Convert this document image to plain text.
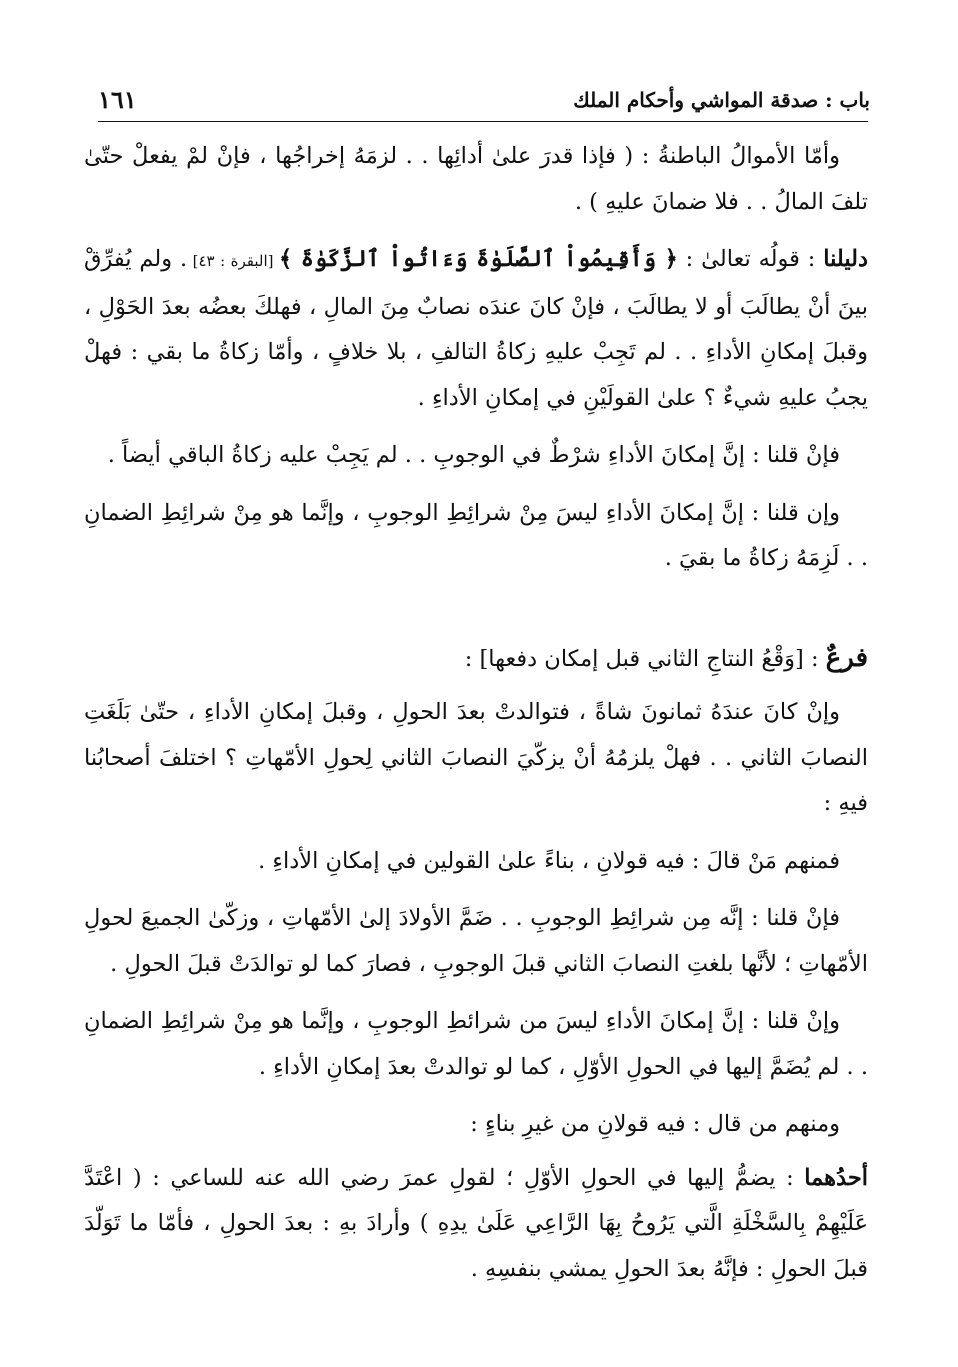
باب : صدقة المواشي وأحكام الملك
١٦١

وأمّا الأموالُ الباطنةُ : ( فإذا قدرَ علىٰ أدائِها . . لزمَهُ إخراجُها ، فإنْ لمْ يفعلْ حتّىٰ تلفَ المالُ . . فلا ضمانَ عليهِ ) .

دليلنا : قولُه تعالىٰ : ﴿ وَأَقِيمُواْ ٱلصَّلَوٰةَ وَءَاتُواْ ٱلزَّكَوٰةَ ﴾ [البقرة : ٤٣] . ولم يُفرِّقْ بينَ أنْ يطالَبَ أو لا يطالَبَ ، فإنْ كانَ عندَه نصابٌ مِنَ المالِ ، فهلكَ بعضُه بعدَ الحَوْلِ ، وقبلَ إمكانِ الأداءِ . . لم تَجِبْ عليهِ زكاةُ التالفِ ، بلا خلافٍ ، وأمّا زكاةُ ما بقي : فهلْ يجبُ عليهِ شيءٌ ؟ علىٰ القولَيْنِ في إمكانِ الأداءِ .

فإنْ قلنا : إنَّ إمكانَ الأداءِ شرْطٌ في الوجوبِ . . لم يَجِبْ عليه زكاةُ الباقي أيضاً .

وإن قلنا : إنَّ إمكانَ الأداءِ ليسَ مِنْ شرائِطِ الوجوبِ ، وإنَّما هو مِنْ شرائِطِ الضمانِ . . لَزِمَهُ زكاةُ ما بقيَ .

فرعٌ : [وَقْعُ النتاجِ الثاني قبل إمكان دفعها] :

وإنْ كانَ عندَهُ ثمانونَ شاةً ، فتوالدتْ بعدَ الحولِ ، وقبلَ إمكانِ الأداءِ ، حتّىٰ بَلَغَتِ النصابَ الثاني . . فهلْ يلزمُهُ أنْ يزكّيَ النصابَ الثاني لِحولِ الأمّهاتِ ؟ اختلفَ أصحابُنا فيهِ :

فمنهم مَنْ قالَ : فيه قولانِ ، بناءً علىٰ القولين في إمكانِ الأداءِ .

فإنْ قلنا : إنَّه مِن شرائِطِ الوجوبِ . . ضَمَّ الأولادَ إلىٰ الأمّهاتِ ، وزكّىٰ الجميعَ لحولِ الأمّهاتِ ؛ لأنَّها بلغتِ النصابَ الثاني قبلَ الوجوبِ ، فصارَ كما لو توالدَتْ قبلَ الحولِ .

وإنْ قلنا : إنَّ إمكانَ الأداءِ ليسَ من شرائطِ الوجوبِ ، وإنَّما هو مِنْ شرائِطِ الضمانِ . . لم يُضَمَّ إليها في الحولِ الأوّلِ ، كما لو توالدتْ بعدَ إمكانِ الأداءِ .

ومنهم من قال : فيه قولانِ من غيرِ بناءٍ :

أحدُهما : يضمُّ إليها في الحولِ الأوّلِ ؛ لقولِ عمرَ رضي الله عنه للساعي : ( اعْتَدَّ عَلَيْهِمْ بِالسَّخْلَةِ الَّتي يَرُوحُ بِهَا الرَّاعِي عَلَىٰ يدِهِ ) وأرادَ بهِ : بعدَ الحولِ ، فأمّا ما تَوَلّدَ قبلَ الحولِ : فإنَّهُ بعدَ الحولِ يمشي بنفسِهِ .
